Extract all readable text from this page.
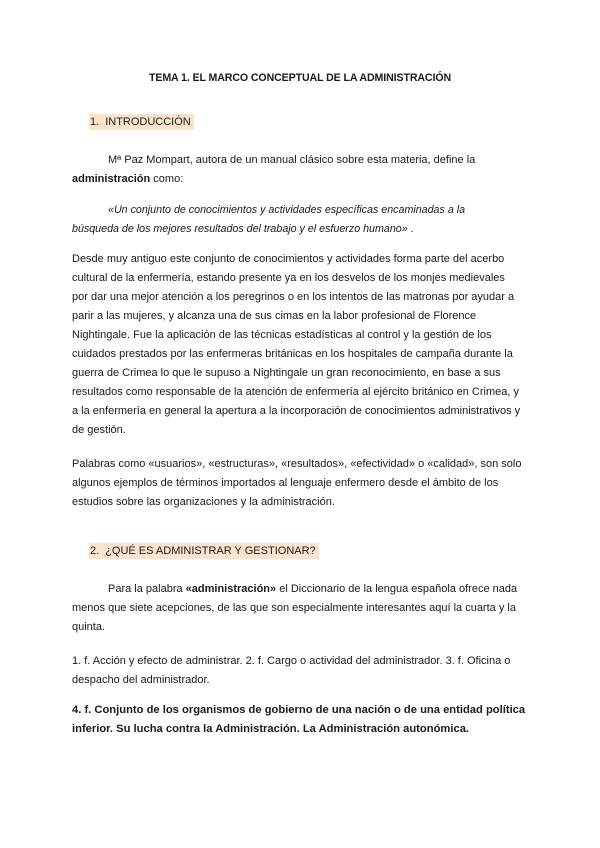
TEMA 1. EL MARCO CONCEPTUAL DE LA ADMINISTRACIÓN
1. INTRODUCCIÓN

Mª Paz Mompart, autora de un manual clásico sobre esta materia, define la
administración como:

«Un conjunto de conocimientos y actividades específicas encaminadas a la
búsqueda de los mejores resultados del trabajo y el esfuerzo humano» .

Desde muy antiguo este conjunto de conocimientos y actividades forma parte del acerbo
cultural de la enfermería, estando presente ya en los desvelos de los monjes medievales
por dar una mejor atención a los peregrinos o en los intentos de las matronas por ayudar a
parir a las mujeres, y alcanza una de sus cimas en la labor profesional de Florence
Nightingale. Fue la aplicación de las técnicas estadísticas al control y la gestión de los
cuidados prestados por las enfermeras británicas en los hospitales de campaña durante la
guerra de Crimea lo que le supuso a Nightingale un gran reconocimiento, en base a sus
resultados como responsable de la atención de enfermería al ejército británico en Crimea, y
a la enfermería en general la apertura a la incorporación de conocimientos administrativos y
de gestión.

Palabras como «usuarios», «estructuras», «resultados», «efectividad» o «calidad», son solo
algunos ejemplos de términos importados al lenguaje enfermero desde el ámbito de los
estudios sobre las organizaciones y la administración.

2. ¿QUÉ ES ADMINISTRAR Y GESTIONAR?

Para la palabra «administración» el Diccionario de la lengua española ofrece nada
menos que siete acepciones, de las que son especialmente interesantes aquí la cuarta y la
quinta.

1. f. Acción y efecto de administrar. 2. f. Cargo o actividad del administrador. 3. f. Oficina o
despacho del administrador.

4. f. Conjunto de los organismos de gobierno de una nación o de una entidad política
inferior. Su lucha contra la Administración. La Administración autonómica.
